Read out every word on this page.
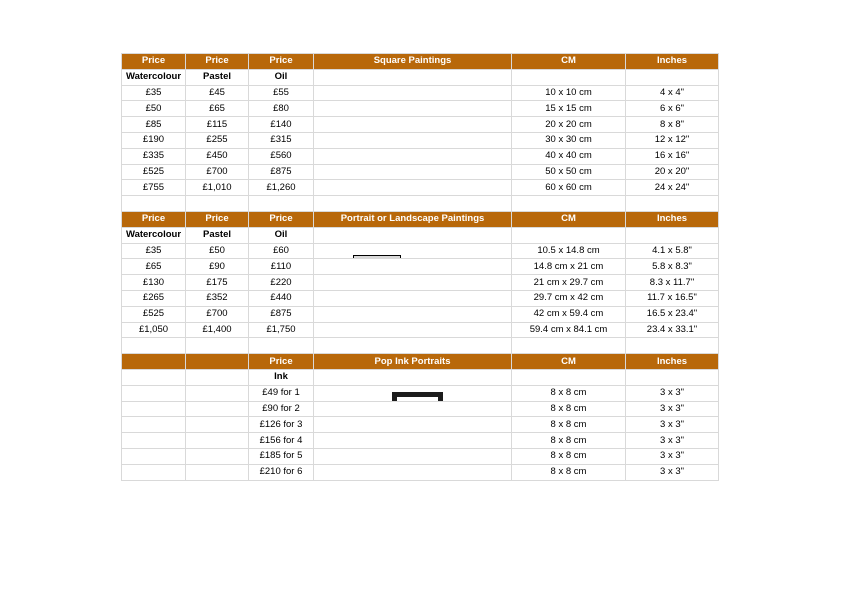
Price	Price	Price	Square Paintings	CM	Inches
Watercolour	Pastel	Oil			
£35	£45	£55		10 x 10 cm	4 x 4"
£50	£65	£80		15 x 15 cm	6 x 6"
£85	£115	£140		20 x 20 cm	8 x 8"
£190	£255	£315		30 x 30 cm	12 x 12"
£335	£450	£560		40 x 40 cm	16 x 16"
£525	£700	£875		50 x 50 cm	20 x 20"
£755	£1,010	£1,260		60 x 60 cm	24 x 24"

Price	Price	Price	Portrait or Landscape Paintings	CM	Inches
Watercolour	Pastel	Oil			
£35	£50	£60		10.5 x 14.8 cm	4.1 x 5.8"
£65	£90	£110		14.8 cm x 21 cm	5.8 x 8.3"
£130	£175	£220		21 cm x 29.7 cm	8.3 x 11.7"
£265	£352	£440		29.7 cm x 42 cm	11.7 x 16.5"
£525	£700	£875		42 cm x 59.4 cm	16.5 x 23.4"
£1,050	£1,400	£1,750		59.4 cm x 84.1 cm	23.4 x 33.1"

		Price	Pop Ink Portraits	CM	Inches
		Ink			
		£49 for 1		8 x 8 cm	3 x 3"
		£90 for 2		8 x 8 cm	3 x 3"
		£126 for 3		8 x 8 cm	3 x 3"
		£156 for 4		8 x 8 cm	3 x 3"
		£185 for 5		8 x 8 cm	3 x 3"
		£210 for 6		8 x 8 cm	3 x 3"
